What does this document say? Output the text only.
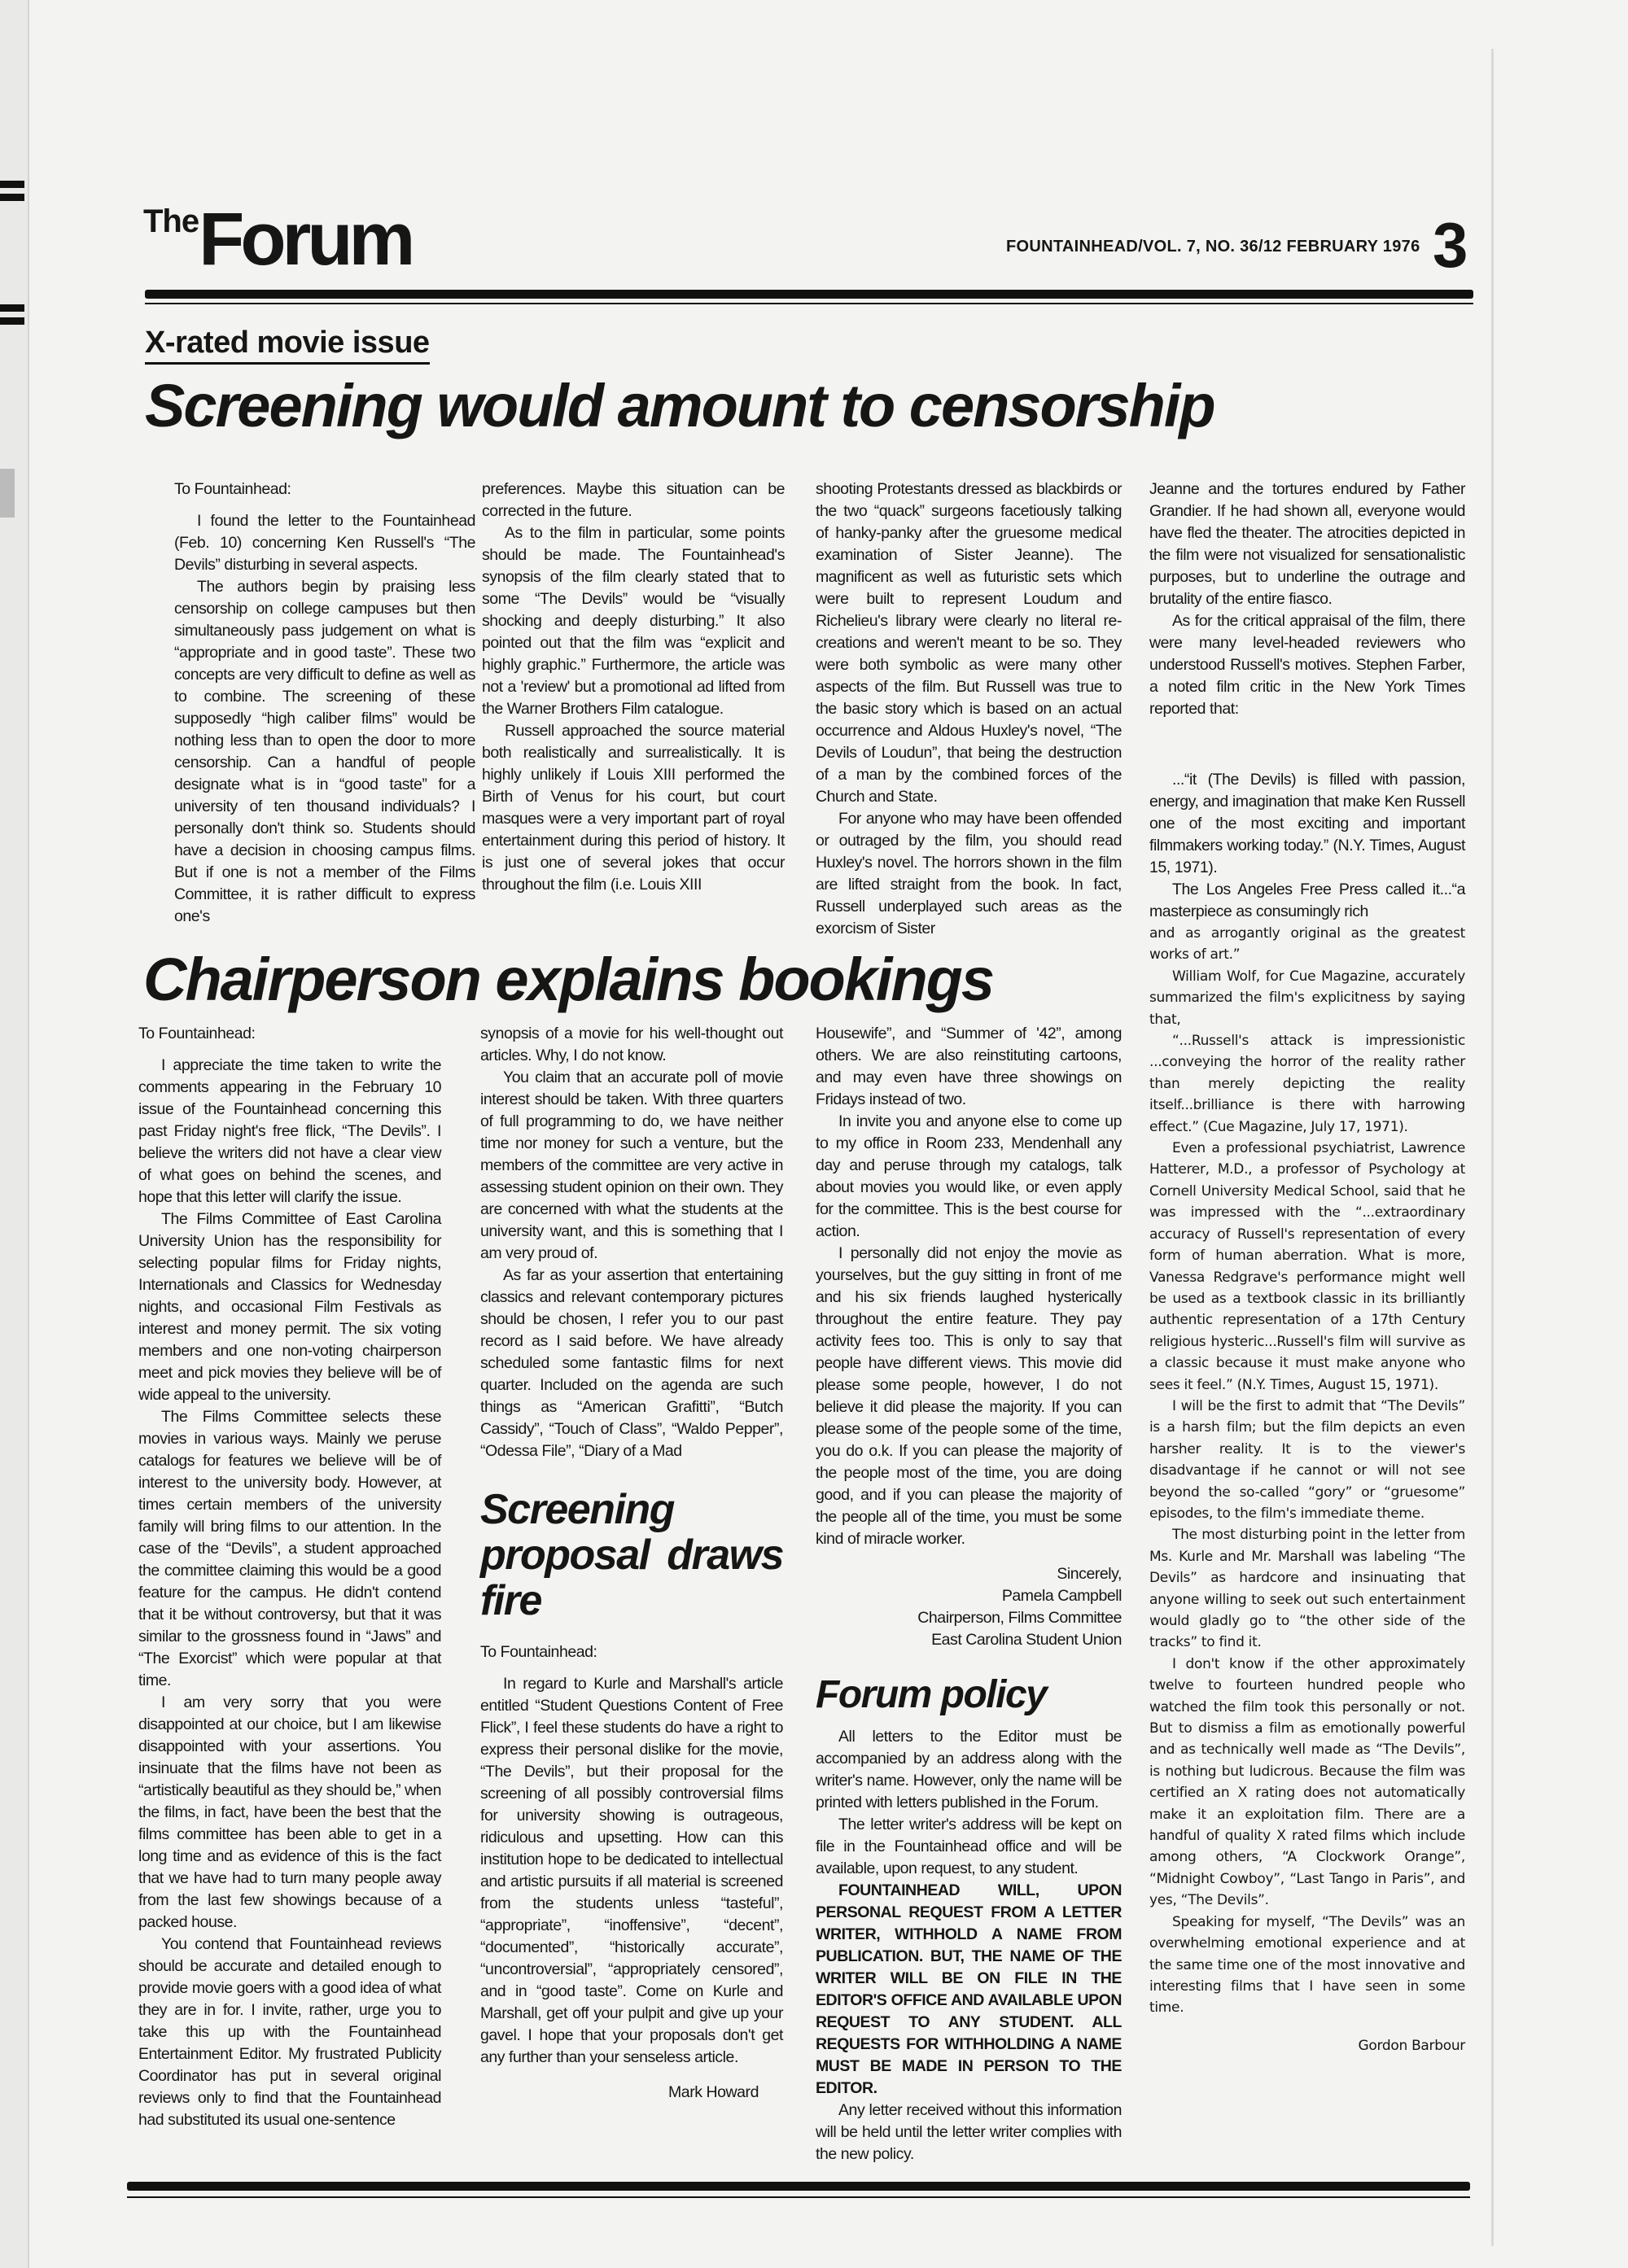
FOUNTAINHEAD/VOL. 7, NO. 36/12 FEBRUARY 1976 3
TheForum
X-rated movie issue
Screening would amount to censorship

To Fountainhead:

I found the letter to the Fountainhead (Feb. 10) concerning Ken Russell's “The Devils” disturbing in several aspects.

The authors begin by praising less censorship on college campuses but then simultaneously pass judgement on what is “appropriate and in good taste”. These two concepts are very difficult to define as well as to combine. The screening of these supposedly “high caliber films” would be nothing less than to open the door to more censorship. Can a handful of people designate what is in “good taste” for a university of ten thousand individuals? I personally don't think so. Students should have a decision in choosing campus films. But if one is not a member of the Films Committee, it is rather difficult to express one's

preferences. Maybe this situation can be corrected in the future.

As to the film in particular, some points should be made. The Fountainhead's synopsis of the film clearly stated that to some “The Devils” would be “visually shocking and deeply disturbing.” It also pointed out that the film was “explicit and highly graphic.” Furthermore, the article was not a 'review' but a promotional ad lifted from the Warner Brothers Film catalogue.

Russell approached the source material both realistically and surrealistically. It is highly unlikely if Louis XIII performed the Birth of Venus for his court, but court masques were a very important part of royal entertainment during this period of history. It is just one of several jokes that occur throughout the film (i.e. Louis XIII

shooting Protestants dressed as blackbirds or the two “quack” surgeons facetiously talking of hanky-panky after the gruesome medical examination of Sister Jeanne). The magnificent as well as futuristic sets which were built to represent Loudum and Richelieu's library were clearly no literal re-creations and weren't meant to be so. They were both symbolic as were many other aspects of the film. But Russell was true to the basic story which is based on an actual occurrence and Aldous Huxley's novel, “The Devils of Loudun”, that being the destruction of a man by the combined forces of the Church and State.

For anyone who may have been offended or outraged by the film, you should read Huxley's novel. The horrors shown in the film are lifted straight from the book. In fact, Russell underplayed such areas as the exorcism of Sister

Jeanne and the tortures endured by Father Grandier. If he had shown all, everyone would have fled the theater. The atrocities depicted in the film were not visualized for sensationalistic purposes, but to underline the outrage and brutality of the entire fiasco.

As for the critical appraisal of the film, there were many level-headed reviewers who understood Russell's motives. Stephen Farber, a noted film critic in the New York Times reported that:

...“it (The Devils) is filled with passion, energy, and imagination that make Ken Russell one of the most exciting and important filmmakers working today.” (N.Y. Times, August 15, 1971).

The Los Angeles Free Press called it...“a masterpiece as consumingly rich

and as arrogantly original as the greatest works of art.”

William Wolf, for Cue Magazine, accurately summarized the film's explicitness by saying that,

“...Russell's attack is impressionistic ...conveying the horror of the reality rather than merely depicting the reality itself...brilliance is there with harrowing effect.” (Cue Magazine, July 17, 1971).

Even a professional psychiatrist, Lawrence Hatterer, M.D., a professor of Psychology at Cornell University Medical School, said that he was impressed with the “...extraordinary accuracy of Russell's representation of every form of human aberration. What is more, Vanessa Redgrave's performance might well be used as a textbook classic in its brilliantly authentic representation of a 17th Century religious hysteric...Russell's film will survive as a classic because it must make anyone who sees it feel.” (N.Y. Times, August 15, 1971).

I will be the first to admit that “The Devils” is a harsh film; but the film depicts an even harsher reality. It is to the viewer's disadvantage if he cannot or will not see beyond the so-called “gory” or “gruesome” episodes, to the film's immediate theme.

The most disturbing point in the letter from Ms. Kurle and Mr. Marshall was labeling “The Devils” as hardcore and insinuating that anyone willing to seek out such entertainment would gladly go to “the other side of the tracks” to find it.

I don't know if the other approximately twelve to fourteen hundred people who watched the film took this personally or not. But to dismiss a film as emotionally powerful and as technically well made as “The Devils”, is nothing but ludicrous. Because the film was certified an X rating does not automatically make it an exploitation film. There are a handful of quality X rated films which include among others, “A Clockwork Orange”, “Midnight Cowboy”, “Last Tango in Paris”, and yes, “The Devils”.

Speaking for myself, “The Devils” was an overwhelming emotional experience and at the same time one of the most innovative and interesting films that I have seen in some time.

Gordon Barbour

Chairperson explains bookings

To Fountainhead:

I appreciate the time taken to write the comments appearing in the February 10 issue of the Fountainhead concerning this past Friday night's free flick, “The Devils”. I believe the writers did not have a clear view of what goes on behind the scenes, and hope that this letter will clarify the issue.

The Films Committee of East Carolina University Union has the responsibility for selecting popular films for Friday nights, Internationals and Classics for Wednesday nights, and occasional Film Festivals as interest and money permit. The six voting members and one non-voting chairperson meet and pick movies they believe will be of wide appeal to the university.

The Films Committee selects these movies in various ways. Mainly we peruse catalogs for features we believe will be of interest to the university body. However, at times certain members of the university family will bring films to our attention. In the case of the “Devils”, a student approached the committee claiming this would be a good feature for the campus. He didn't contend that it be without controversy, but that it was similar to the grossness found in “Jaws” and “The Exorcist” which were popular at that time.

I am very sorry that you were disappointed at our choice, but I am likewise disappointed with your assertions. You insinuate that the films have not been as “artistically beautiful as they should be,” when the films, in fact, have been the best that the films committee has been able to get in a long time and as evidence of this is the fact that we have had to turn many people away from the last few showings because of a packed house.

You contend that Fountainhead reviews should be accurate and detailed enough to provide movie goers with a good idea of what they are in for. I invite, rather, urge you to take this up with the Fountainhead Entertainment Editor. My frustrated Publicity Coordinator has put in several original reviews only to find that the Fountainhead had substituted its usual one-sentence

synopsis of a movie for his well-thought out articles. Why, I do not know.

You claim that an accurate poll of movie interest should be taken. With three quarters of full programming to do, we have neither time nor money for such a venture, but the members of the committee are very active in assessing student opinion on their own. They are concerned with what the students at the university want, and this is something that I am very proud of.

As far as your assertion that entertaining classics and relevant contemporary pictures should be chosen, I refer you to our past record as I said before. We have already scheduled some fantastic films for next quarter. Included on the agenda are such things as “American Grafitti”, “Butch Cassidy”, “Touch of Class”, “Waldo Pepper”, “Odessa File”, “Diary of a Mad

Screening proposal draws fire

To Fountainhead:

In regard to Kurle and Marshall's article entitled “Student Questions Content of Free Flick”, I feel these students do have a right to express their personal dislike for the movie, “The Devils”, but their proposal for the screening of all possibly controversial films for university showing is outrageous, ridiculous and upsetting. How can this institution hope to be dedicated to intellectual and artistic pursuits if all material is screened from the students unless “tasteful”, “appropriate”, “inoffensive”, “decent”, “documented”, “historically accurate”, “uncontroversial”, “appropriately censored”, and in “good taste”. Come on Kurle and Marshall, get off your pulpit and give up your gavel. I hope that your proposals don't get any further than your senseless article.

Mark Howard

Housewife”, and “Summer of '42”, among others. We are also reinstituting cartoons, and may even have three showings on Fridays instead of two.

In invite you and anyone else to come up to my office in Room 233, Mendenhall any day and peruse through my catalogs, talk about movies you would like, or even apply for the committee. This is the best course for action.

I personally did not enjoy the movie as yourselves, but the guy sitting in front of me and his six friends laughed hysterically throughout the entire feature. They pay activity fees too. This is only to say that people have different views. This movie did please some people, however, I do not believe it did please the majority. If you can please some of the people some of the time, you do o.k. If you can please the majority of the people most of the time, you are doing good, and if you can please the majority of the people all of the time, you must be some kind of miracle worker.

Sincerely,

Pamela Campbell

Chairperson, Films Committee

East Carolina Student Union

Forum policy

All letters to the Editor must be accompanied by an address along with the writer's name. However, only the name will be printed with letters published in the Forum.

The letter writer's address will be kept on file in the Fountainhead office and will be available, upon request, to any student.

FOUNTAINHEAD WILL, UPON PERSONAL REQUEST FROM A LETTER WRITER, WITHHOLD A NAME FROM PUBLICATION. BUT, THE NAME OF THE WRITER WILL BE ON FILE IN THE EDITOR'S OFFICE AND AVAILABLE UPON REQUEST TO ANY STUDENT. ALL REQUESTS FOR WITHHOLDING A NAME MUST BE MADE IN PERSON TO THE EDITOR.

Any letter received without this information will be held until the letter writer complies with the new policy.
